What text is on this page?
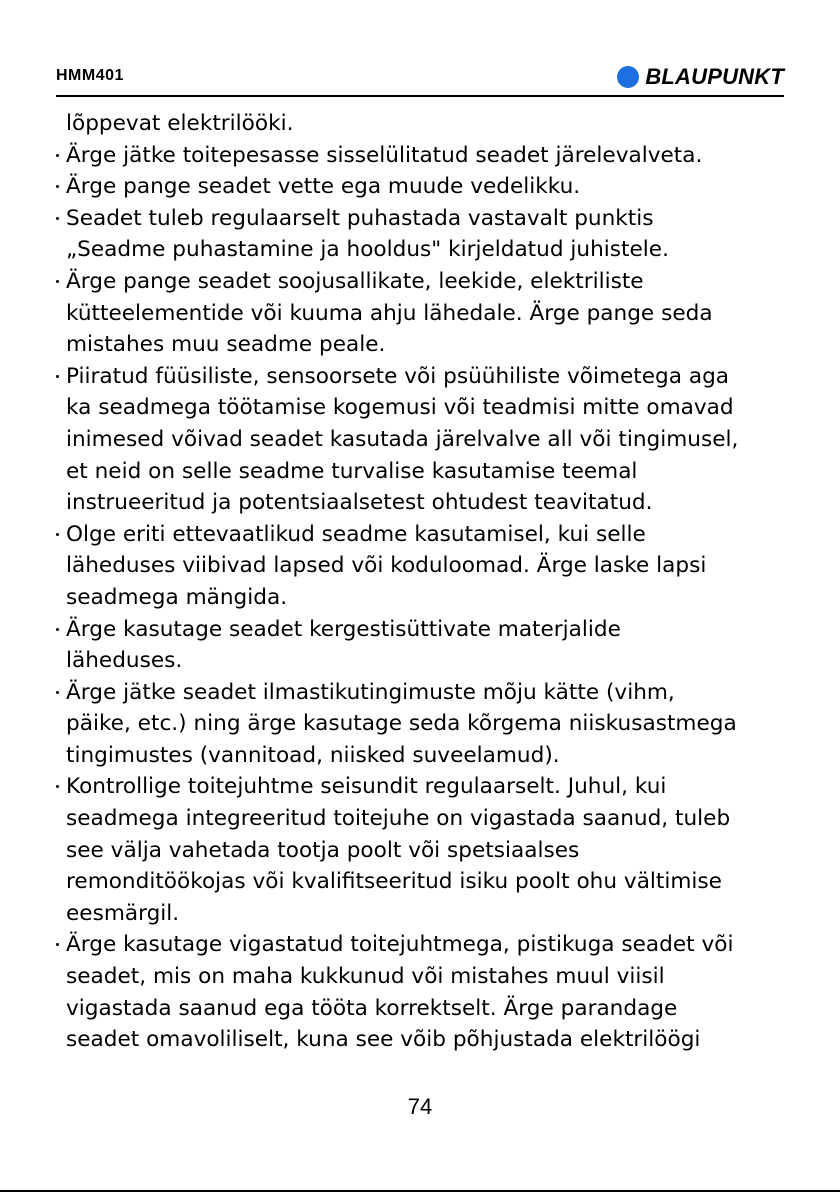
HMM401	BLAUPUNKT
lõppevat elektrilööki.
Ärge jätke toitepesasse sisselülitatud seadet järelevalveta.
Ärge pange seadet vette ega muude vedelikku.
Seadet tuleb regulaarselt puhastada vastavalt punktis
„Seadme puhastamine ja hooldus" kirjeldatud juhistele.
Ärge pange seadet soojusallikate, leekide, elektriliste
kütteelementide või kuuma ahju lähedale. Ärge pange seda
mistahes muu seadme peale.
Piiratud füüsiliste, sensoorsete või psüühiliste võimetega aga
ka seadmega töötamise kogemusi või teadmisi mitte omavad
inimesed võivad seadet kasutada järelvalve all või tingimusel,
et neid on selle seadme turvalise kasutamise teemal
instrueeritud ja potentsiaalsetest ohtudest teavitatud.
Olge eriti ettevaatlikud seadme kasutamisel, kui selle
läheduses viibivad lapsed või koduloomad. Ärge laske lapsi
seadmega mängida.
Ärge kasutage seadet kergestisüttivate materjalide
läheduses.
Ärge jätke seadet ilmastikutingimuste mõju kätte (vihm,
päike, etc.) ning ärge kasutage seda kõrgema niiskusastmega
tingimustes (vannitoad, niisked suveelamud).
Kontrollige toitejuhtme seisundit regulaarselt. Juhul, kui
seadmega integreeritud toitejuhe on vigastada saanud, tuleb
see välja vahetada tootja poolt või spetsiaalses
remonditöökojas või kvalifitseeritud isiku poolt ohu vältimise
eesmärgil.
Ärge kasutage vigastatud toitejuhtmega, pistikuga seadet või
seadet, mis on maha kukkunud või mistahes muul viisil
vigastada saanud ega tööta korrektselt. Ärge parandage
seadet omavoliliselt, kuna see võib põhjustada elektrilöögi
74
